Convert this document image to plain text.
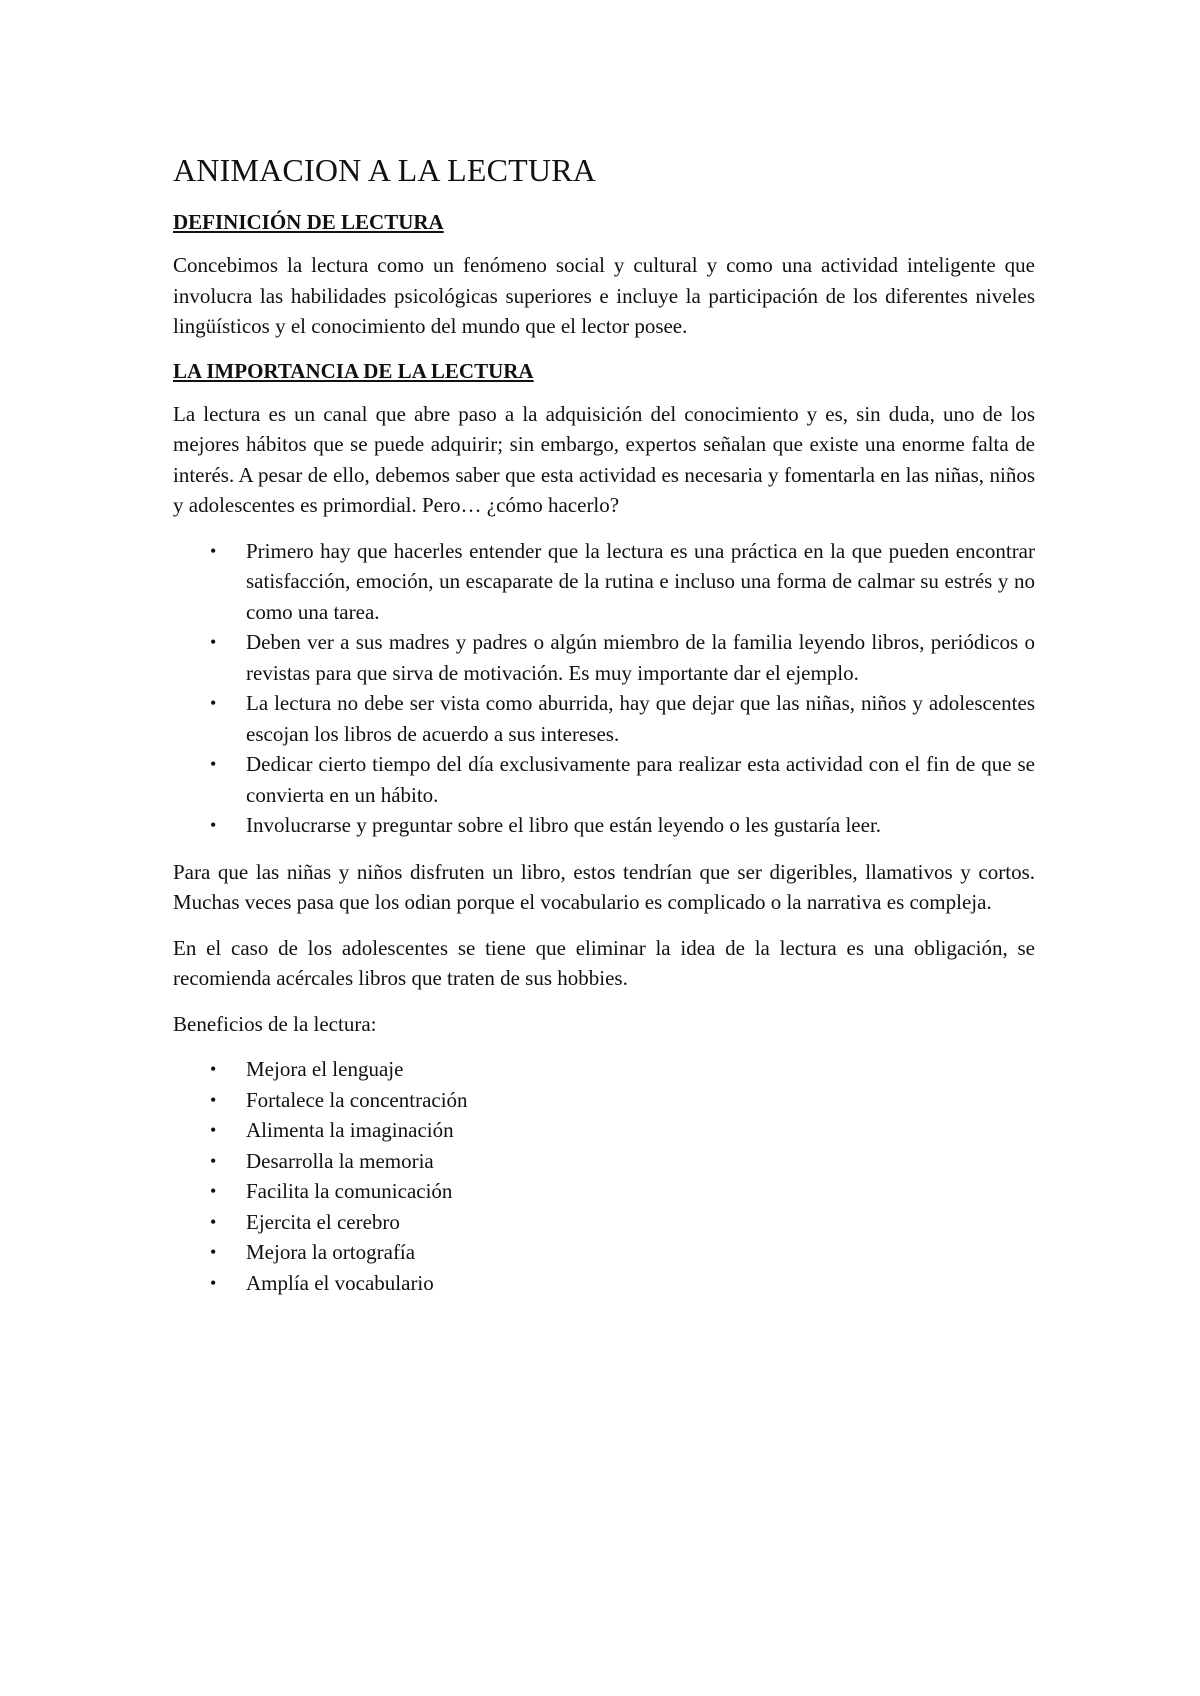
ANIMACION A LA LECTURA
DEFINICIÓN DE LECTURA

Concebimos la lectura como un fenómeno social y cultural y como una actividad inteligente que involucra las habilidades psicológicas superiores e incluye la participación de los diferentes niveles lingüísticos y el conocimiento del mundo que el lector posee.

LA IMPORTANCIA DE LA LECTURA

La lectura es un canal que abre paso a la adquisición del conocimiento y es, sin duda, uno de los mejores hábitos que se puede adquirir; sin embargo, expertos señalan que existe una enorme falta de interés. A pesar de ello, debemos saber que esta actividad es necesaria y fomentarla en las niñas, niños y adolescentes es primordial. Pero… ¿cómo hacerlo?

• Primero hay que hacerles entender que la lectura es una práctica en la que pueden encontrar satisfacción, emoción, un escaparate de la rutina e incluso una forma de calmar su estrés y no como una tarea.
• Deben ver a sus madres y padres o algún miembro de la familia leyendo libros, periódicos o revistas para que sirva de motivación. Es muy importante dar el ejemplo.
• La lectura no debe ser vista como aburrida, hay que dejar que las niñas, niños y adolescentes escojan los libros de acuerdo a sus intereses.
• Dedicar cierto tiempo del día exclusivamente para realizar esta actividad con el fin de que se convierta en un hábito.
• Involucrarse y preguntar sobre el libro que están leyendo o les gustaría leer.

Para que las niñas y niños disfruten un libro, estos tendrían que ser digeribles, llamativos y cortos. Muchas veces pasa que los odian porque el vocabulario es complicado o la narrativa es compleja.

En el caso de los adolescentes se tiene que eliminar la idea de la lectura es una obligación, se recomienda acércales libros que traten de sus hobbies.

Beneficios de la lectura:

• Mejora el lenguaje
• Fortalece la concentración
• Alimenta la imaginación
• Desarrolla la memoria
• Facilita la comunicación
• Ejercita el cerebro
• Mejora la ortografía
• Amplía el vocabulario
